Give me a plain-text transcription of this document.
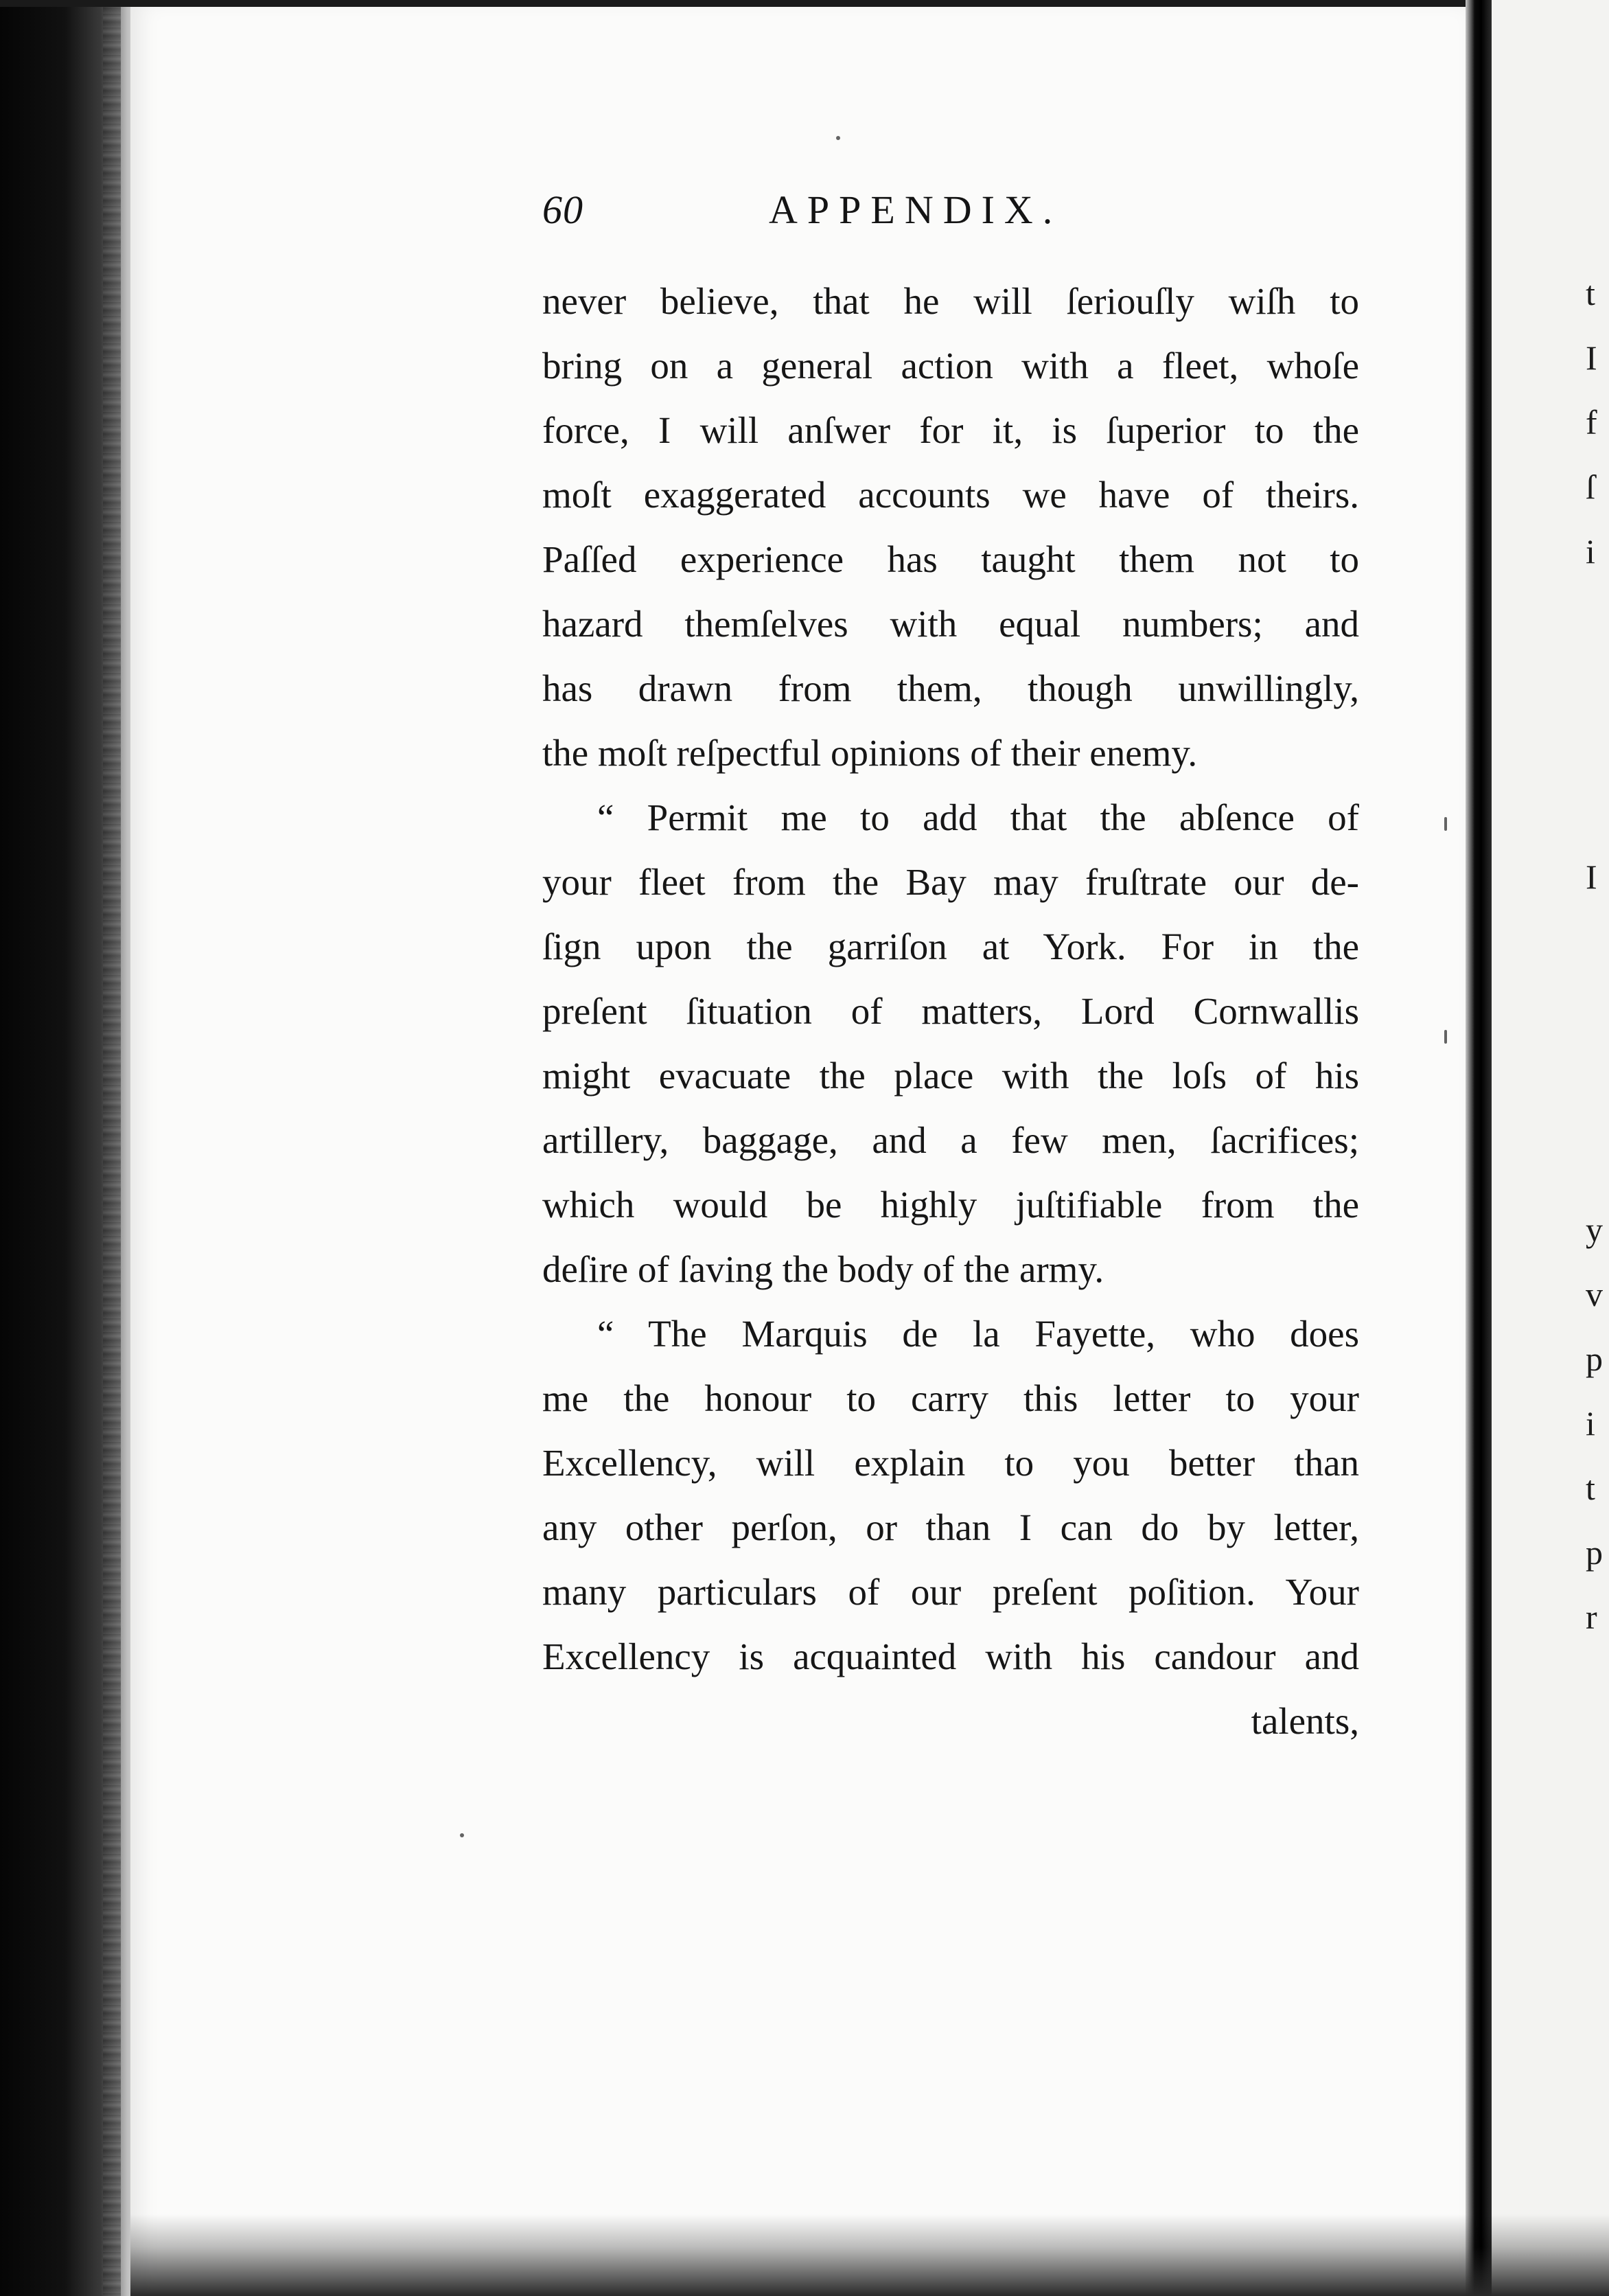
60	APPENDIX.
never believe, that he will ſeriouſly wiſh to
bring on a general action with a fleet, whoſe
force, I will anſwer for it, is ſuperior to the
moſt exaggerated accounts we have of theirs.
Paſſed experience has taught them not to
hazard themſelves with equal numbers; and
has drawn from them, though unwillingly,
the moſt reſpectful opinions of their enemy.
“ Permit me to add that the abſence of
your fleet from the Bay may fruſtrate our de-
ſign upon the garriſon at York. For in the
preſent ſituation of matters, Lord Cornwallis
might evacuate the place with the loſs of his
artillery, baggage, and a few men, ſacrifices;
which would be highly juſtifiable from the
deſire of ſaving the body of the army.
“ The Marquis de la Fayette, who does
me the honour to carry this letter to your
Excellency, will explain to you better than
any other perſon, or than I can do by letter,
many particulars of our preſent poſition. Your
Excellency is acquainted with his candour and
talents,
t
I
f
ſ
i
I
y
v
p
i
t
p
r
